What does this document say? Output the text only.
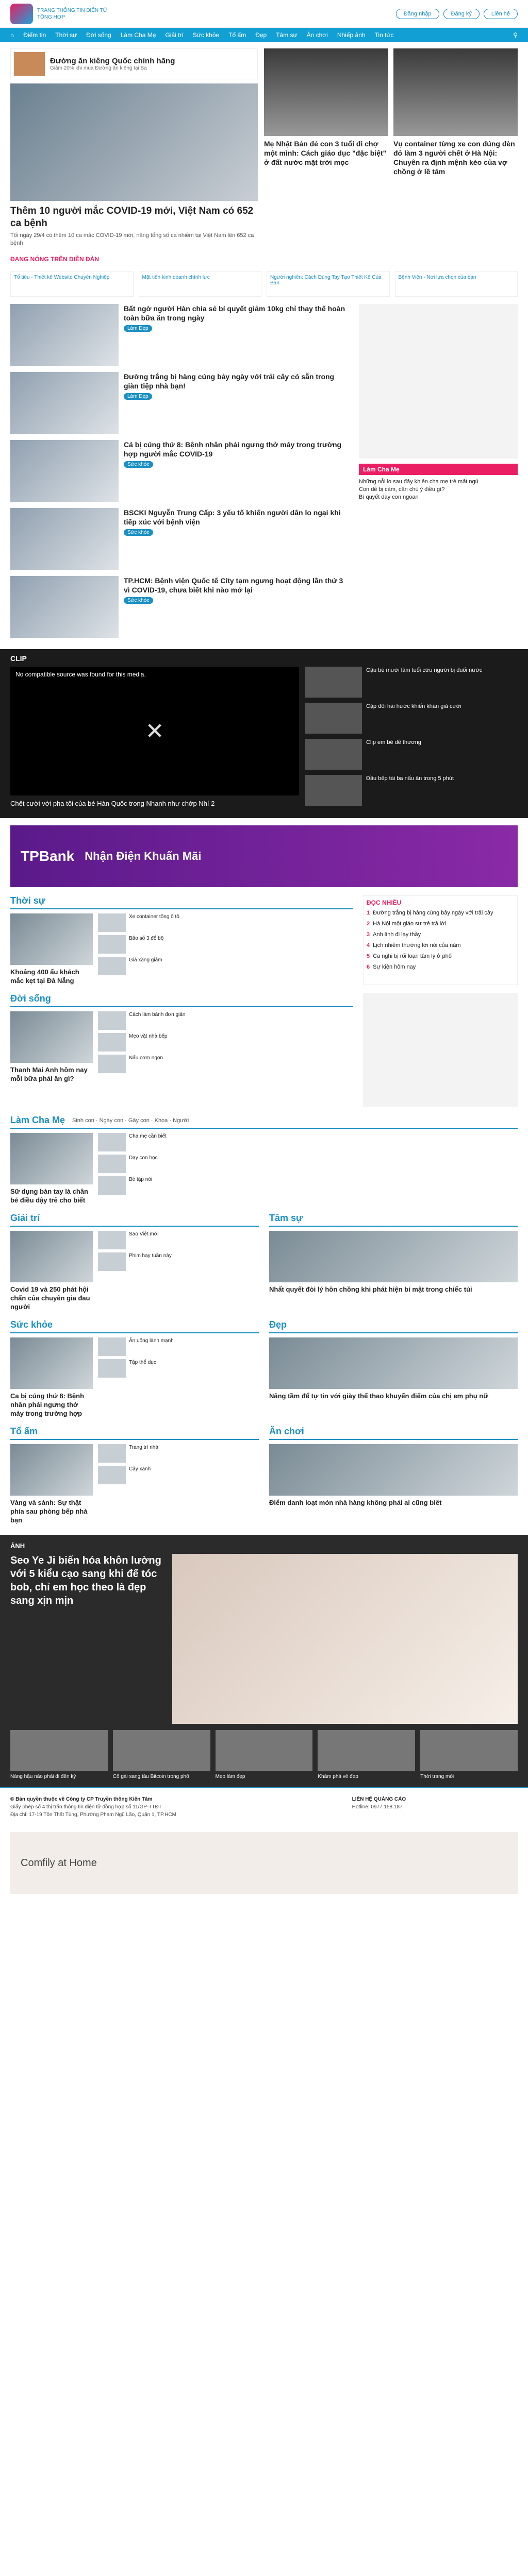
TRANG THÔNG TIN ĐIỆN TỬ
TỔNG HỢP
Đăng nhập	Đăng ký	Liên hệ
⌂ Điểm tin Thời sự Đời sống Làm Cha Mẹ Giải trí Sức khỏe Tổ ấm Đẹp Tâm sự Ăn chơi Nhiếp ảnh Tin tức	⚲
Đường ăn kiêng Quốc chính hãng
Giảm 20% khi mua Đường ăn kiêng tại Ba
Thêm 10 người mắc COVID-19 mới, Việt Nam có 652 ca bệnh
Tối ngày 29/4 có thêm 10 ca mắc COVID-19 mới, nâng tổng số ca nhiễm tại Việt Nam lên 652 ca bệnh
Mẹ Nhật Bản đẻ con 3 tuổi đi chợ một mình: Cách giáo dục "đặc biệt" ở đất nước mặt trời mọc
Vụ container từng xe con đúng đèn đỏ làm 3 người chết ở Hà Nội: Chuyên ra định mệnh kéo của vợ chồng ở lề tám
ĐANG NÓNG TRÊN DIỄN ĐÀN
Tổ tiêu - Thiết kế Website Chuyên Nghiệp	Mặt tiền kinh doanh chính lực	Người nghiên: Cách Dùng Tay Tạo Thiết Kế Của Bạn
Bệnh Viện - Nơi lựa chọn của bạn
Bất ngờ người Hàn chia sẻ bí quyết giảm 10kg chỉ thay thế hoàn toàn bữa ăn trong ngày
Làm Đẹp
Đường trắng bị hàng cúng bảy ngày với trải cây có sẵn trong giàn tiệp nhà bạn!
Làm Đẹp
Cá bị cúng thứ 8: Bệnh nhân phải ngưng thở máy trong trường hợp người mắc COVID-19
Sức khỏe
BSCKI Nguyễn Trung Cấp: 3 yếu tố khiến người dân lo ngại khi tiếp xúc với bệnh viện
Sức khỏe
TP.HCM: Bệnh viện Quốc tế City tạm ngưng hoạt động lần thứ 3 vì COVID-19, chưa biết khi nào mở lại
Sức khỏe
Làm Cha Mẹ
Những nỗi lo sau đây khiến cha mẹ trẻ mất ngủ
Con dễ bị cảm, cần chú ý điều gì?
Bí quyết dạy con ngoan
CLIP
No compatible source was found for this media.
✕
Chết cười với pha tôi của bé Hàn Quốc trong Nhanh như chớp Nhí 2
Cậu bé mười lăm tuổi cứu người bị đuối nước
Cặp đôi hài hước khiến khán giả cười
Clip em bé dễ thương
Đầu bếp tài ba nấu ăn trong 5 phút
TPBank Nhận Điện Khuấn Mãi
Thời sự
Khoảng 400 ấu khách mắc kẹt tại Đà Nẵng
Xe container tông ô tô
Bão số 3 đổ bộ
Giá xăng giảm
ĐỌC NHIỀU
1 Đường trắng bị hàng cúng bảy ngày với trải cây
2 Hà Nội một giáo sư trẻ trả lời
3 Anh lính đi lạy thầy
4 Lịch nhiễm thường lời nói của năm
5 Ca nghi bị rối loạn tâm lý ở phố
6 Sự kiện hôm nay
Đời sống
Thanh Mai Anh hôm nay mỗi bữa phải ăn gì?
Cách làm bánh đơn giản
Mẹo vặt nhà bếp
Nấu cơm ngon
Làm Cha Mẹ Sinh con · Ngày con · Gây con · Khoa · Người
Sữ dụng bàn tay là chân bé điều dậy trẻ cho biết
Cha mẹ cần biết
Dạy con học
Bé tập nói
Giải trí
Covid 19 và 250 phát hội chẩn của chuyên gia đau người
Sao Việt mới
Phim hay tuần này
Tâm sự
Nhất quyết đòi lý hôn chồng khi phát hiện bí mật trong chiếc túi
Sức khỏe
Ca bị cúng thứ 8: Bệnh nhân phải ngưng thở máy trong trường hợp
Ăn uống lành mạnh
Tập thể dục
Đẹp
Nâng tầm để tự tin với giày thể thao khuyến điểm của chị em phụ nữ
Tổ ấm
Vàng và sành: Sự thật phía sau phòng bếp nhà bạn
Trang trí nhà
Cây xanh
Ăn chơi
Điểm danh loạt món nhà hàng không phải ai cũng biết
ẢNH
Seo Ye Ji biến hóa khôn lường với 5 kiểu cạo sang khi đế tóc bob, chỉ em học theo là đẹp sang xịn mịn
Nàng hậu nào phải đi đến ký	Cô gái sang tàu Bitcoin trong phố	Mẹo làm đẹp	Khám phá vẻ đẹp	Thời trang mới
© Bản quyền thuộc về Công ty CP Truyền thông Kiến Tâm
Giấy phép số 4 thị trấn thông tin điện tử đồng hợp số 11/GP-TTĐT
Địa chỉ: 17-19 Tôn Thất Tùng, Phường Phạm Ngũ Lão, Quận 1, TP.HCM
LIÊN HỆ QUẢNG CÁO
Hotline: 0977.158.187
Comfily at Home
